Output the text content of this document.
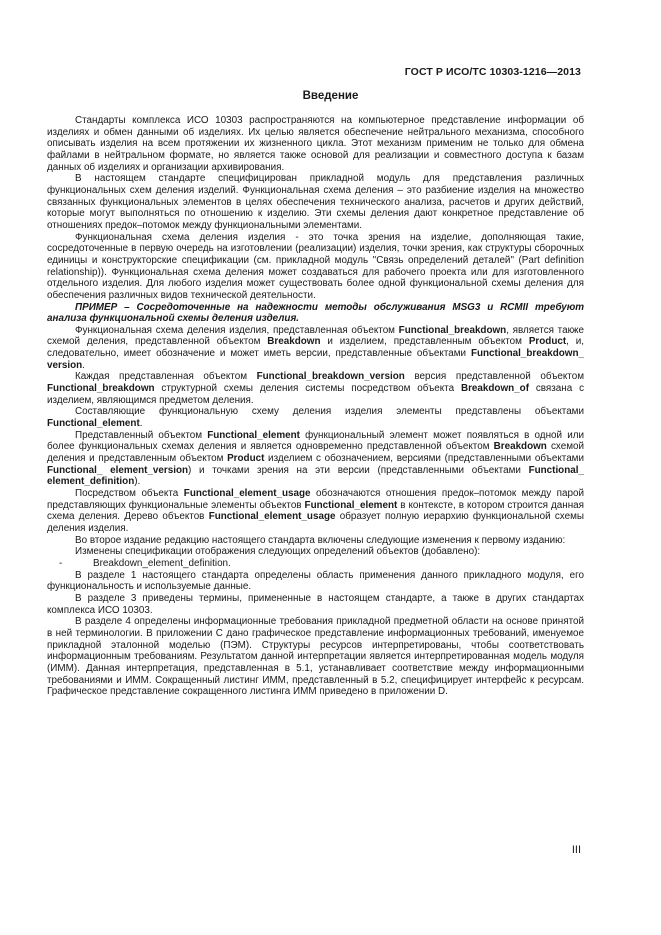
ГОСТ Р ИСО/ТС 10303-1216—2013
Введение

Стандарты комплекса ИСО 10303 распространяются на компьютерное представление информации об изделиях и обмен данными об изделиях. Их целью является обеспечение нейтрального механизма, способного описывать изделия на всем протяжении их жизненного цикла. Этот механизм применим не только для обмена файлами в нейтральном формате, но является также основой для реализации и совместного доступа к базам данных об изделиях и организации архивирования.

В настоящем стандарте специфицирован прикладной модуль для представления различных функциональных схем деления изделий. Функциональная схема деления – это разбиение изделия на множество связанных функциональных элементов в целях обеспечения технического анализа, расчетов и других действий, которые могут выполняться по отношению к изделию. Эти схемы деления дают конкретное представление об отношениях предок–потомок между функциональными элементами.

Функциональная схема деления изделия - это точка зрения на изделие, дополняющая такие, сосредоточенные в первую очередь на изготовлении (реализации) изделия, точки зрения, как структуры сборочных единицы и конструкторские спецификации (см. прикладной модуль "Связь определений деталей" (Part definition relationship)). Функциональная схема деления может создаваться для рабочего проекта или для изготовленного отдельного изделия. Для любого изделия может существовать более одной функциональной схемы деления для обеспечения различных видов технической деятельности.

ПРИМЕР – Сосредоточенные на надежности методы обслуживания MSG3 и RCMII требуют анализа функциональной схемы деления изделия.

Функциональная схема деления изделия, представленная объектом Functional_breakdown, является также схемой деления, представленной объектом Breakdown и изделием, представленным объектом Product, и, следовательно, имеет обозначение и может иметь версии, представленные объектами Functional_breakdown_ version.

Каждая представленная объектом Functional_breakdown_version версия представленной объектом Functional_breakdown структурной схемы деления системы посредством объекта Breakdown_of связана с изделием, являющимся предметом деления.

Составляющие функциональную схему деления изделия элементы представлены объектами Functional_element.

Представленный объектом Functional_element функциональный элемент может появляться в одной или более функциональных схемах деления и является одновременно представленной объектом Breakdown схемой деления и представленным объектом Product изделием с обозначением, версиями (представленными объектами Functional_ element_version) и точками зрения на эти версии (представленными объектами Functional_ element_definition).

Посредством объекта Functional_element_usage обозначаются отношения предок–потомок между парой представляющих функциональные элементы объектов Functional_element в контексте, в котором строится данная схема деления. Дерево объектов Functional_element_usage образует полную иерархию функциональной схемы деления изделия.

Во второе издание редакцию настоящего стандарта включены следующие изменения к первому изданию:

Изменены спецификации отображения следующих определений объектов (добавлено):

-	Breakdown_element_definition.

В разделе 1 настоящего стандарта определены область применения данного прикладного модуля, его функциональность и используемые данные.

В разделе 3 приведены термины, примененные в настоящем стандарте, а также в других стандартах комплекса ИСО 10303.

В разделе 4 определены информационные требования прикладной предметной области на основе принятой в ней терминологии. В приложении С дано графическое представление информационных требований, именуемое прикладной эталонной моделью (ПЭМ). Структуры ресурсов интерпретированы, чтобы соответствовать информационным требованиям. Результатом данной интерпретации является интерпретированная модель модуля (ИММ). Данная интерпретация, представленная в 5.1, устанавливает соответствие между информационными требованиями и ИММ. Сокращенный листинг ИММ, представленный в 5.2, специфицирует интерфейс к ресурсам. Графическое представление сокращенного листинга ИММ приведено в приложении D.

III
